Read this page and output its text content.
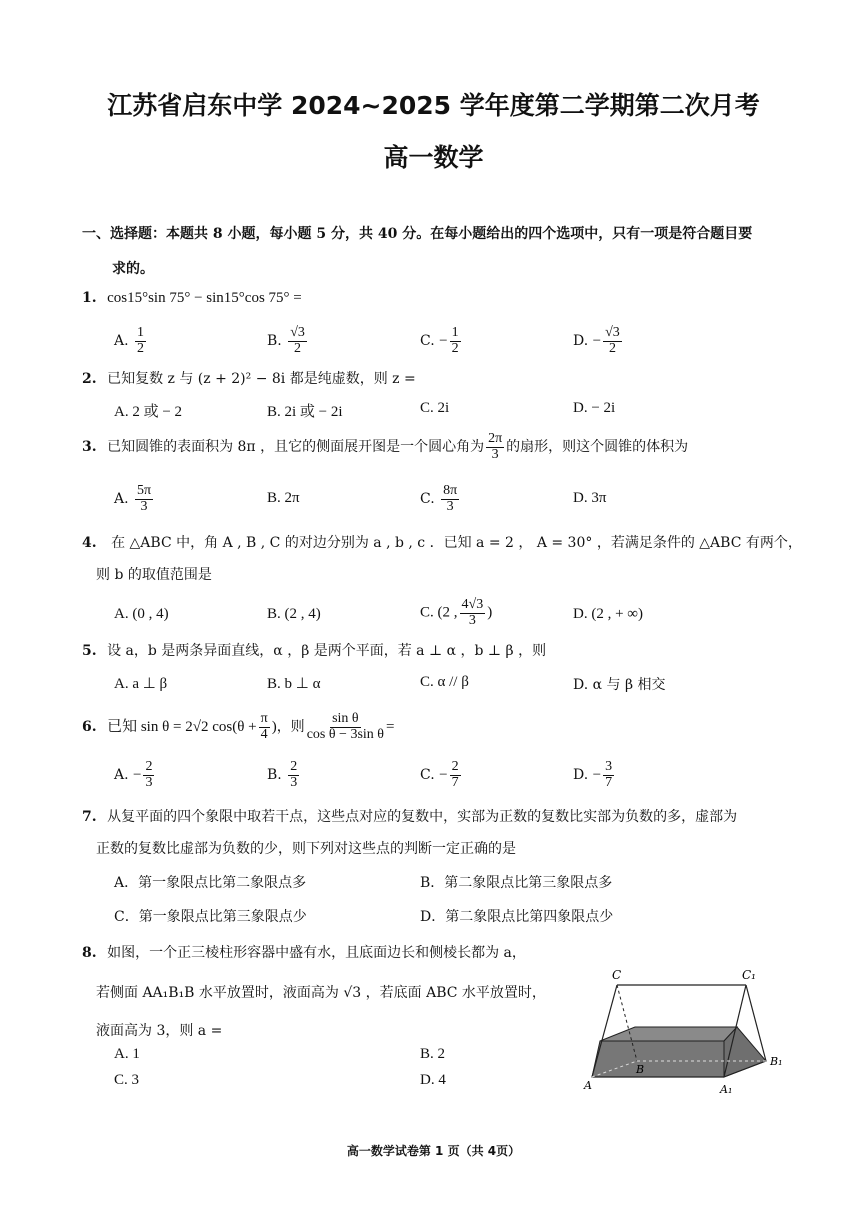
江苏省启东中学 2024~2025 学年度第二学期第二次月考
高一数学
一、选择题：本题共 8 小题，每小题 5 分，共 40 分。在每小题给出的四个选项中，只有一项是符合题目要
求的。
1. cos15°sin 75° − sin15°cos 75° =
A. $\frac{1}{2}$	B. $\frac{√3}{2}$	C. − $\frac{1}{2}$	D. − $\frac{√3}{2}$
2. 已知复数 z 与 (z + 2)² − 8i 都是纯虚数，则 z =
A. 2 或 − 2	B. 2i 或 − 2i	C. 2i	D. − 2i
3. 已知圆锥的表面积为 8π ，且它的侧面展开图是一个圆心角为 $\frac{2\pi}{3}$ 的扇形，则这个圆锥的体积为
A. $\frac{5\pi}{3}$	B. 2π	C. $\frac{8\pi}{3}$	D. 3π
4. 在 △ABC 中，角 A , B , C 的对边分别为 a , b , c ．已知 a = 2 ， A = 30° ，若满足条件的 △ABC 有两个，
则 b 的取值范围是
A. (0 , 4)	B. (2 , 4)	C. (2 , $\frac{4√3}{3}$ )	D. (2 , + ∞)
5. 设 a，b 是两条异面直线，α ，β 是两个平面，若 a ⊥ α ，b ⊥ β ，则
A. a ⊥ β	B. b ⊥ α	C. α // β	D. α 与 β 相交
6. 已知 sin θ = 2√2 $\cos(\theta + \frac{\pi}{4}$ )，则 $\frac{\text{sin θ}}{\text{cos θ − 3sin θ}}$ =
A. − $\frac{2}{3}$	B. $\frac{2}{3}$	C. − $\frac{2}{7}$	D. − $\frac{3}{7}$
7. 从复平面的四个象限中取若干点，这些点对应的复数中，实部为正数的复数比实部为负数的多，虚部为
正数的复数比虚部为负数的少，则下列对这些点的判断一定正确的是
A．第一象限点比第二象限点多	B．第二象限点比第三象限点多
C．第一象限点比第三象限点少	D．第二象限点比第四象限点少
8. 如图，一个正三棱柱形容器中盛有水，且底面边长和侧棱长都为 a，
若侧面 AA₁B₁B 水平放置时，液面高为 √3 ，若底面 ABC 水平放置时，
液面高为 3，则 a =
A. 1	B. 2
C. 3	D. 4
C	C₁
B
B₁
A	A₁
高一数学试卷第 1 页（共 4页）
